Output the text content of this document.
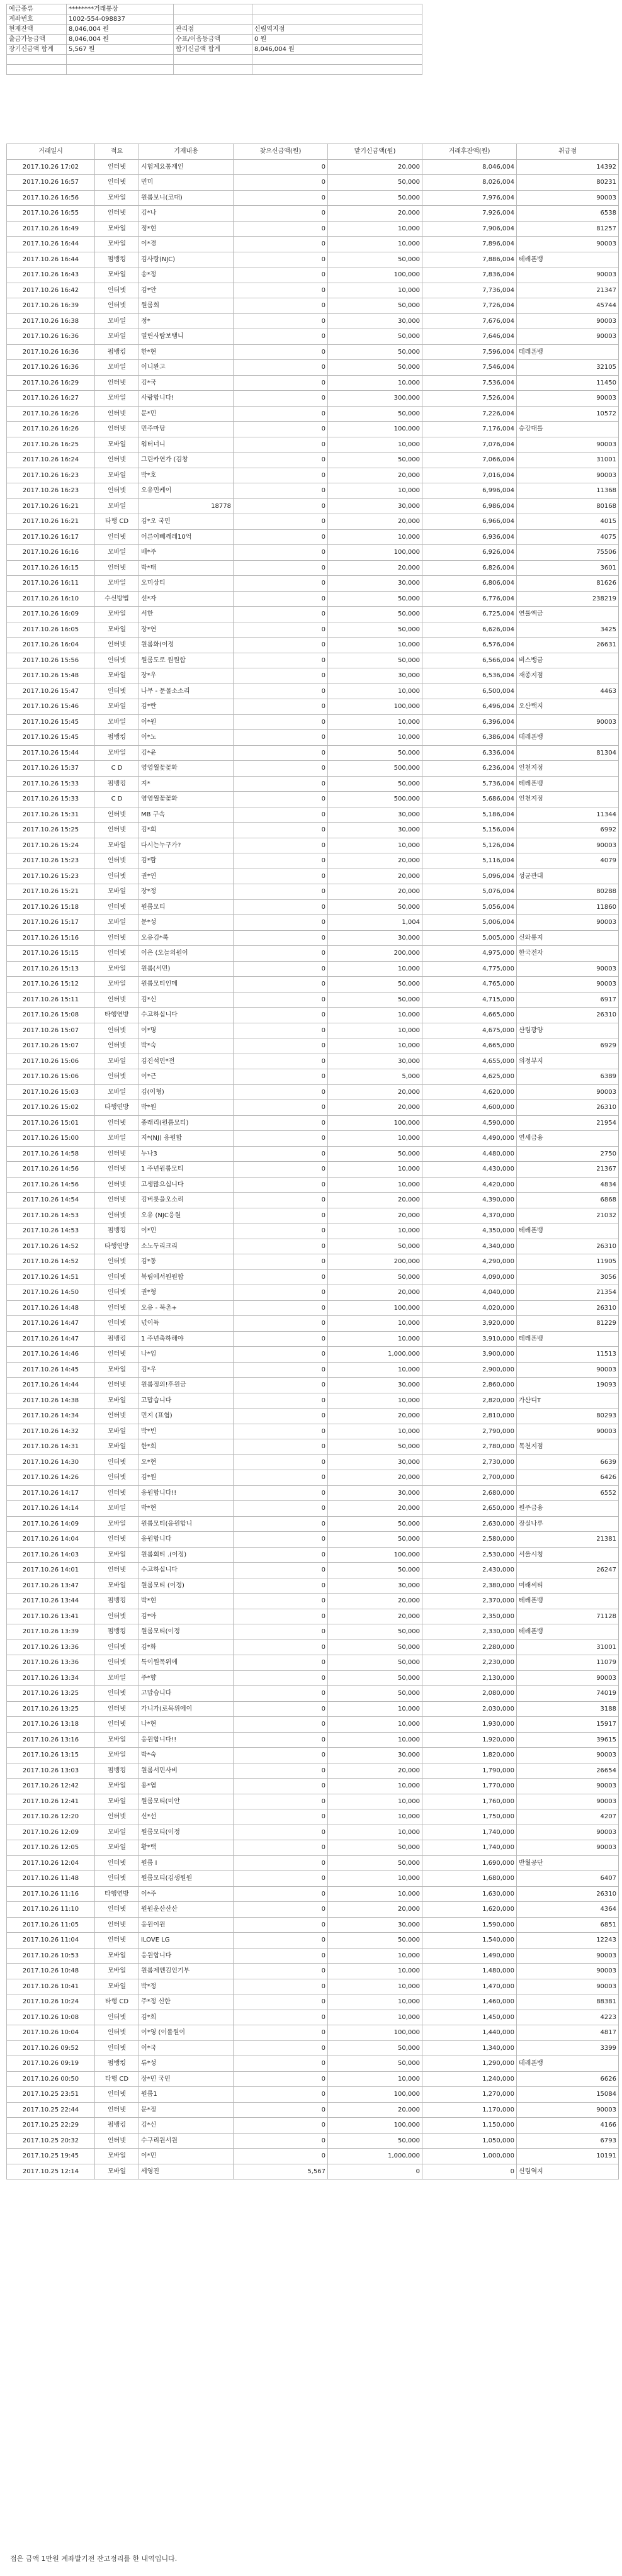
예금종류	********거래통장		
계좌번호	1002-554-098837		
현재잔액	8,046,004 원	관리점	신림역지점
출금가능금액	8,046,004 원	수표/어음등금액	0 원
장기신금액 합계	5,567 원	합기신금액 합계	8,046,004 원

거래일시	적요	기재내용	찾으신금액(원)	맡기신금액(원)	거래후잔액(원)	취급점
2017.10.26 17:02	인터넷	시험계요통재인	0	20,000	8,046,004	14392
2017.10.26 16:57	인터넷	민미	0	50,000	8,026,004	80231
2017.10.26 16:56	모바일	원룸보니(코대)	0	50,000	7,976,004	90003
2017.10.26 16:55	인터넷	김*나	0	20,000	7,926,004	6538
2017.10.26 16:49	모바일	정*현	0	10,000	7,906,004	81257
2017.10.26 16:44	모바일	이*경	0	10,000	7,896,004	90003
2017.10.26 16:44	펌뱅킹	김사랑(NJC)	0	50,000	7,886,004	테레폰뱅
2017.10.26 16:43	모바일	송*정	0	100,000	7,836,004	90003
2017.10.26 16:42	인터넷	김*안	0	10,000	7,736,004	21347
2017.10.26 16:39	인터넷	원룸회	0	50,000	7,726,004	45744
2017.10.26 16:38	모바일	정*	0	30,000	7,676,004	90003
2017.10.26 16:36	모바일	열린사람보탬니	0	50,000	7,646,004	90003
2017.10.26 16:36	펌뱅킹	한*현	0	50,000	7,596,004	테레폰뱅
2017.10.26 16:36	모바일	이니완고	0	50,000	7,546,004	32105
2017.10.26 16:29	인터넷	김*국	0	10,000	7,536,004	11450
2017.10.26 16:27	모바일	사랑합니다!	0	300,000	7,526,004	90003
2017.10.26 16:26	인터넷	문*민	0	50,000	7,226,004	10572
2017.10.26 16:26	인터넷	민주마당	0	100,000	7,176,004	승강대를
2017.10.26 16:25	모바일	워터너니	0	10,000	7,076,004	90003
2017.10.26 16:24	인터넷	그린카연가 (김창	0	50,000	7,066,004	31001
2017.10.26 16:23	모바일	박*호	0	20,000	7,016,004	90003
2017.10.26 16:23	인터넷	오유민케이	0	10,000	6,996,004	11368
2017.10.26 16:21	모바일	18778	0	30,000	6,986,004	80168
2017.10.26 16:21	타행 CD	김*오 국민	0	20,000	6,966,004	4015
2017.10.26 16:17	인터넷	어른이빼깨레10억	0	10,000	6,936,004	4075
2017.10.26 16:16	모바일	배*주	0	100,000	6,926,004	75506
2017.10.26 16:15	인터넷	박*태	0	20,000	6,826,004	3601
2017.10.26 16:11	모바일	오미상티	0	30,000	6,806,004	81626
2017.10.26 16:10	수신방법	선*자	0	50,000	6,776,004	238219
2017.10.26 16:09	모바일	서한	0	50,000	6,725,004	연률액금
2017.10.26 16:05	모바일	장*연	0	50,000	6,626,004	3425
2017.10.26 16:04	인터넷	원룸화(이정	0	10,000	6,576,004	26631
2017.10.26 15:56	인터넷	원룸도로 원원합	0	50,000	6,566,004	비스뱅금
2017.10.26 15:48	모바일	장*우	0	30,000	6,536,004	재종지점
2017.10.26 15:47	인터넷	나무 - 문물소소리	0	10,000	6,500,004	4463
2017.10.26 15:46	모바일	김*란	0	100,000	6,496,004	오산택지
2017.10.26 15:45	모바일	이*원	0	10,000	6,396,004	90003
2017.10.26 15:45	펌뱅킹	이*노	0	10,000	6,386,004	테레폰뱅
2017.10.26 15:44	모바일	김*윤	0	50,000	6,336,004	81304
2017.10.26 15:37	C D	영영월꽃꽃화	0	500,000	6,236,004	인천지점
2017.10.26 15:33	펌뱅킹	지*	0	50,000	5,736,004	테레폰뱅
2017.10.26 15:33	C D	영영월꽃꽃화	0	500,000	5,686,004	인천지점
2017.10.26 15:31	인터넷	MB 구속	0	30,000	5,186,004	11344
2017.10.26 15:25	인터넷	김*희	0	30,000	5,156,004	6992
2017.10.26 15:24	모바일	다시는누구가?	0	10,000	5,126,004	90003
2017.10.26 15:23	인터넷	김*람	0	20,000	5,116,004	4079
2017.10.26 15:23	인터넷	권*연	0	20,000	5,096,004	성균관대
2017.10.26 15:21	모바일	장*정	0	20,000	5,076,004	80288
2017.10.26 15:18	인터넷	원룸모티	0	50,000	5,056,004	11860
2017.10.26 15:17	모바일	문*성	0	1,004	5,006,004	90003
2017.10.26 15:16	인터넷	오유김*록	0	30,000	5,005,000	신와룡지
2017.10.26 15:15	인터넷	이은 (오늘의원이	0	200,000	4,975,000	한국전자
2017.10.26 15:13	모바일	원룸(서민)	0	10,000	4,775,000	90003
2017.10.26 15:12	모바일	원룸모티인메	0	50,000	4,765,000	90003
2017.10.26 15:11	인터넷	김*신	0	50,000	4,715,000	6917
2017.10.26 15:08	타행연방	수고하십니다	0	10,000	4,665,000	26310
2017.10.26 15:07	인터넷	이*명	0	10,000	4,675,000	산림광양
2017.10.26 15:07	인터넷	박*숙	0	10,000	4,665,000	6929
2017.10.26 15:06	모바일	김진석민*전	0	30,000	4,655,000	의정부지
2017.10.26 15:06	인터넷	이*근	0	5,000	4,625,000	6389
2017.10.26 15:03	모바일	김(이형)	0	20,000	4,620,000	90003
2017.10.26 15:02	타행연방	박*원	0	20,000	4,600,000	26310
2017.10.26 15:01	인터넷	종래리(원룸모티)	0	100,000	4,590,000	21954
2017.10.26 15:00	모바일	지*(NJ) 응원합	0	10,000	4,490,000	연세금융
2017.10.26 14:58	인터넷	누나3	0	50,000	4,480,000	2750
2017.10.26 14:56	인터넷	1 주년원룸모티	0	10,000	4,430,000	21367
2017.10.26 14:56	인터넷	고생많으십니다	0	10,000	4,420,000	4834
2017.10.26 14:54	인터넷	김버릇을오소리	0	20,000	4,390,000	6868
2017.10.26 14:53	인터넷	오유 (NJC응원	0	20,000	4,370,000	21032
2017.10.26 14:53	펌뱅킹	이*민	0	10,000	4,350,000	테레폰뱅
2017.10.26 14:52	타행연방	소노두리크리	0	50,000	4,340,000	26310
2017.10.26 14:52	인터넷	김*동	0	200,000	4,290,000	11905
2017.10.26 14:51	인터넷	북림에서원원합	0	50,000	4,090,000	3056
2017.10.26 14:50	인터넷	권*형	0	20,000	4,040,000	21354
2017.10.26 14:48	인터넷	오유 - 북촌+	0	100,000	4,020,000	26310
2017.10.26 14:47	인터넷	넋이듁	0	10,000	3,920,000	81229
2017.10.26 14:47	펌뱅킹	1 주년축하해야	0	10,000	3,910,000	테레폰뱅
2017.10.26 14:46	인터넷	나*임	0	1,000,000	3,900,000	11513
2017.10.26 14:45	모바일	김*우	0	10,000	2,900,000	90003
2017.10.26 14:44	인터넷	원룸정의!후원금	0	30,000	2,860,000	19093
2017.10.26 14:38	모바일	고맙습니다	0	10,000	2,820,000	가산디T
2017.10.26 14:34	인터넷	민지 (표협)	0	20,000	2,810,000	80293
2017.10.26 14:32	모바일	박*빈	0	10,000	2,790,000	90003
2017.10.26 14:31	모바일	한*희	0	50,000	2,780,000	목천지점
2017.10.26 14:30	인터넷	오*현	0	30,000	2,730,000	6639
2017.10.26 14:26	인터넷	김*원	0	20,000	2,700,000	6426
2017.10.26 14:17	인터넷	응원합니다!!	0	30,000	2,680,000	6552
2017.10.26 14:14	모바일	박*현	0	20,000	2,650,000	원주금융
2017.10.26 14:09	모바일	원룸모티(응원합니	0	50,000	2,630,000	잠실나루
2017.10.26 14:04	인터넷	응원합니다	0	50,000	2,580,000	21381
2017.10.26 14:03	모바일	원룸회티 .(이정)	0	100,000	2,530,000	서울시청
2017.10.26 14:01	인터넷	수고하십니다	0	50,000	2,430,000	26247
2017.10.26 13:47	모바일	원룸모티 (이정)	0	30,000	2,380,000	미래씨티
2017.10.26 13:44	펌뱅킹	박*현	0	20,000	2,370,000	테레폰뱅
2017.10.26 13:41	인터넷	김*아	0	20,000	2,350,000	71128
2017.10.26 13:39	펌뱅킹	원룸모티(이정	0	50,000	2,330,000	테레폰뱅
2017.10.26 13:36	인터넷	김*화	0	50,000	2,280,000	31001
2017.10.26 13:36	인터넷	특이원목위에	0	50,000	2,230,000	11079
2017.10.26 13:34	모바일	주*향	0	50,000	2,130,000	90003
2017.10.26 13:25	인터넷	고맙습니다	0	50,000	2,080,000	74019
2017.10.26 13:25	인터넷	가니가(로목위에이	0	10,000	2,030,000	3188
2017.10.26 13:18	인터넷	나*현	0	10,000	1,930,000	15917
2017.10.26 13:16	모바일	응원합니다!!	0	10,000	1,920,000	39615
2017.10.26 13:15	모바일	박*숙	0	30,000	1,820,000	90003
2017.10.26 13:03	펌뱅킹	원룸서민사비	0	20,000	1,790,000	26654
2017.10.26 12:42	모바일	용*엽	0	10,000	1,770,000	90003
2017.10.26 12:41	모바일	원룸모티(미안	0	10,000	1,760,000	90003
2017.10.26 12:20	인터넷	신*선	0	10,000	1,750,000	4207
2017.10.26 12:09	모바일	원룸모티(이정	0	10,000	1,740,000	90003
2017.10.26 12:05	모바일	황*택	0	50,000	1,740,000	90003
2017.10.26 12:04	인터넷	원룸 I	0	50,000	1,690,000	반월공단
2017.10.26 11:48	인터넷	원룸모티(김생원원	0	10,000	1,680,000	6407
2017.10.26 11:16	타행연방	이*주	0	10,000	1,630,000	26310
2017.10.26 11:10	인터넷	원원운산산산	0	20,000	1,620,000	4364
2017.10.26 11:05	인터넷	응원이원	0	30,000	1,590,000	6851
2017.10.26 11:04	인터넷	ILOVE LG	0	50,000	1,540,000	12243
2017.10.26 10:53	모바일	응원합니다	0	10,000	1,490,000	90003
2017.10.26 10:48	모바일	원룸제엔김인기부	0	10,000	1,480,000	90003
2017.10.26 10:41	모바일	박*정	0	10,000	1,470,000	90003
2017.10.26 10:24	타행 CD	주*정 신한	0	10,000	1,460,000	88381
2017.10.26 10:08	인터넷	김*희	0	10,000	1,450,000	4223
2017.10.26 10:04	인터넷	이*영 (이롤원이	0	100,000	1,440,000	4817
2017.10.26 09:52	인터넷	이*국	0	50,000	1,340,000	3399
2017.10.26 09:19	펌뱅킹	류*성	0	50,000	1,290,000	테레폰뱅
2017.10.26 00:50	타행 CD	장*민 국민	0	10,000	1,240,000	6626
2017.10.25 23:51	인터넷	원룸1	0	100,000	1,270,000	15084
2017.10.25 22:44	인터넷	문*정	0	20,000	1,170,000	90003
2017.10.25 22:29	펌뱅킹	김*신	0	100,000	1,150,000	4166
2017.10.25 20:32	인터넷	수구리원서원	0	50,000	1,050,000	6793
2017.10.25 19:45	모바일	이*민	0	1,000,000	1,000,000	10191
2017.10.25 12:14	모바일	세영진	5,567	0	0	신림역지
접은 금액 1만원 계좌발기전 잔고정리를 한 내역입니다.
